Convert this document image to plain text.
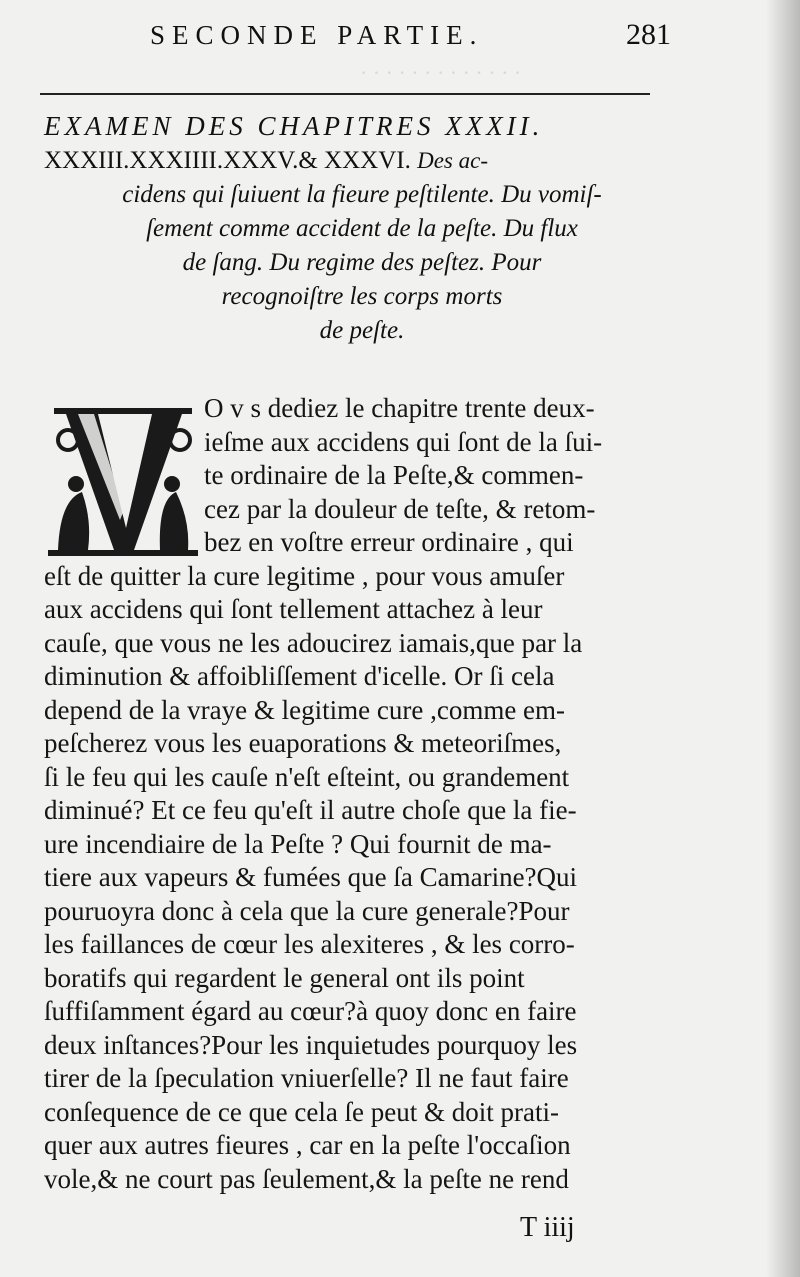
· · · · · · · · · · · · ·
SECONDE PARTIE.	281
EXAMEN DES CHAPITRES XXXII.
XXXIII.XXXIIII.XXXV.& XXXVI. Des ac-
cidens qui ſuiuent la fieure peſtilente. Du vomiſ-
ſement comme accident de la peſte. Du flux
de ſang. Du regime des peſtez. Pour
recognoiſtre les corps morts
de peſte.
O v s dediez le chapitre trente deux-
ieſme aux accidens qui ſont de la ſui-
te ordinaire de la Peſte,& commen-
cez par la douleur de teſte, & retom-
bez en voſtre erreur ordinaire , qui
eſt de quitter la cure legitime , pour vous amuſer
aux accidens qui ſont tellement attachez à leur
cauſe, que vous ne les adoucirez iamais,que par la
diminution & affoibliſſement d'icelle. Or ſi cela
depend de la vraye & legitime cure ,comme em-
peſcherez vous les euaporations & meteoriſmes,
ſi le feu qui les cauſe n'eſt eſteint, ou grandement
diminué? Et ce feu qu'eſt il autre choſe que la fie-
ure incendiaire de la Peſte ? Qui fournit de ma-
tiere aux vapeurs & fumées que ſa Camarine?Qui
pouruoyra donc à cela que la cure generale?Pour
les faillances de cœur les alexiteres , & les corro-
boratifs qui regardent le general ont ils point
ſuffiſamment égard au cœur?à quoy donc en faire
deux inſtances?Pour les inquietudes pourquoy les
tirer de la ſpeculation vniuerſelle? Il ne faut faire
conſequence de ce que cela ſe peut & doit prati-
quer aux autres fieures , car en la peſte l'occaſion
vole,& ne court pas ſeulement,& la peſte ne rend
T iiij
